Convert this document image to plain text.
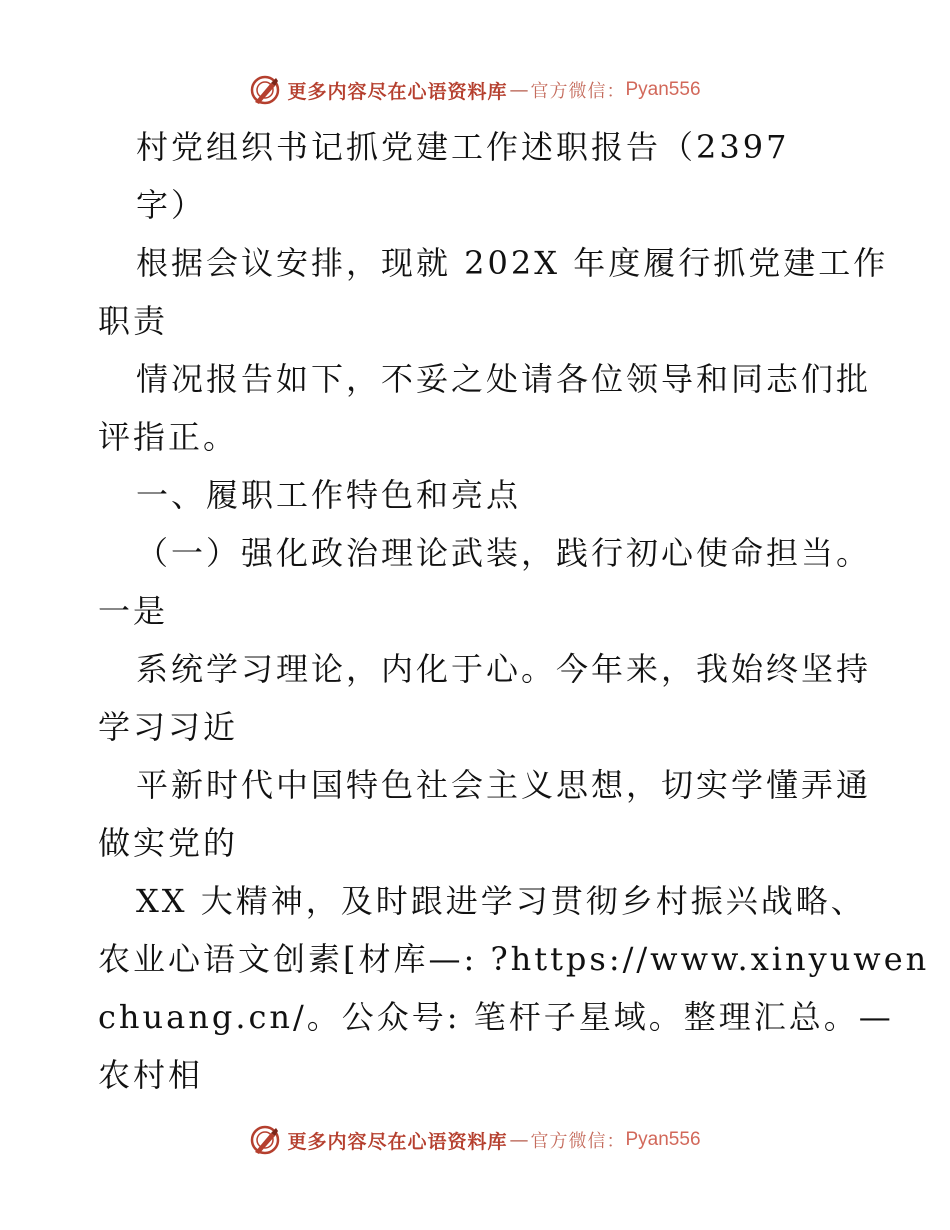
更多内容尽在心语资料库 — 官方微信： Pyan556
村党组织书记抓党建工作述职报告（2397
字）
根据会议安排，现就 202X 年度履行抓党建工作
职责
情况报告如下，不妥之处请各位领导和同志们批
评指正。
一、履职工作特色和亮点
（一）强化政治理论武装，践行初心使命担当。
一是
系统学习理论，内化于心。今年来，我始终坚持
学习习近
平新时代中国特色社会主义思想，切实学懂弄通
做实党的
XX 大精神，及时跟进学习贯彻乡村振兴战略、
农业心语文创素[材库—: ?https://www.xinyuwen
chuang.cn/。公众号: 笔杆子星域。整理汇总。—
农村相
更多内容尽在心语资料库 — 官方微信： Pyan556
